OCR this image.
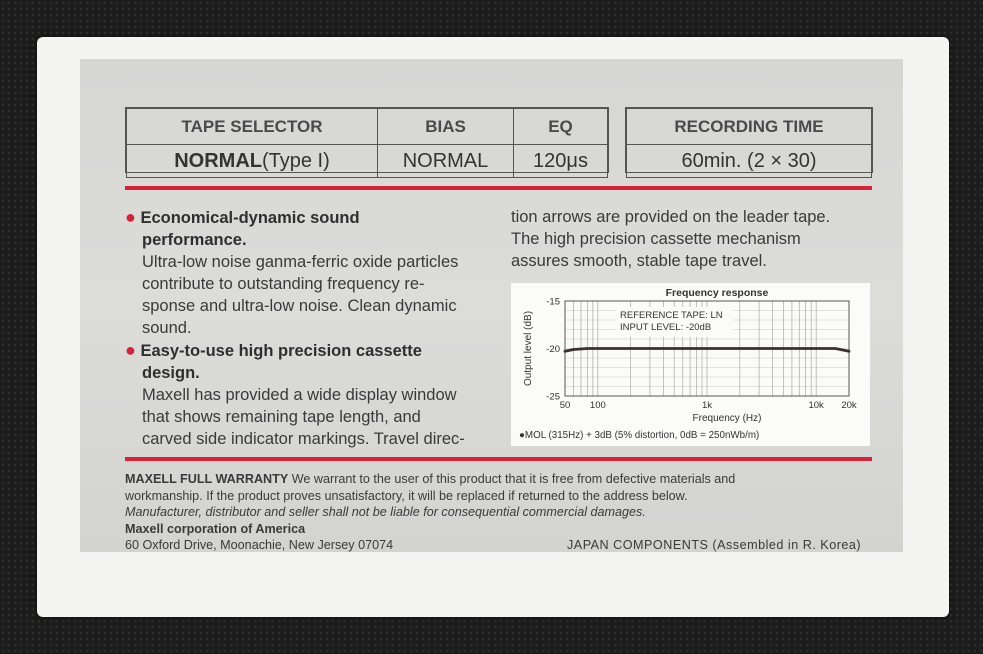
TAPE SELECTOR	BIAS	EQ
NORMAL(Type I)	NORMAL	120μs
RECORDING TIME
60min. (2 × 30)
● Economical-dynamic sound
performance.
Ultra-low noise ganma-ferric oxide particles
contribute to outstanding frequency re-
sponse and ultra-low noise. Clean dynamic
sound.
● Easy-to-use high precision cassette
design.
Maxell has provided a wide display window
that shows remaining tape length, and
carved side indicator markings. Travel direc-
tion arrows are provided on the leader tape.
The high precision cassette mechanism
assures smooth, stable tape travel.
Frequency response
Output level (dB)
-15
-20
-25
50 100	1k	10k 20k
Frequency (Hz)
REFERENCE TAPE: LN
INPUT LEVEL: -20dB
●MOL (315Hz) + 3dB (5% distortion, 0dB = 250nWb/m)
MAXELL FULL WARRANTY We warrant to the user of this product that it is free from defective materials and
workmanship. If the product proves unsatisfactory, it will be replaced if returned to the address below.
Manufacturer, distributor and seller shall not be liable for consequential commercial damages.
Maxell corporation of America
60 Oxford Drive, Moonachie, New Jersey 07074	JAPAN COMPONENTS (Assembled in R. Korea)
